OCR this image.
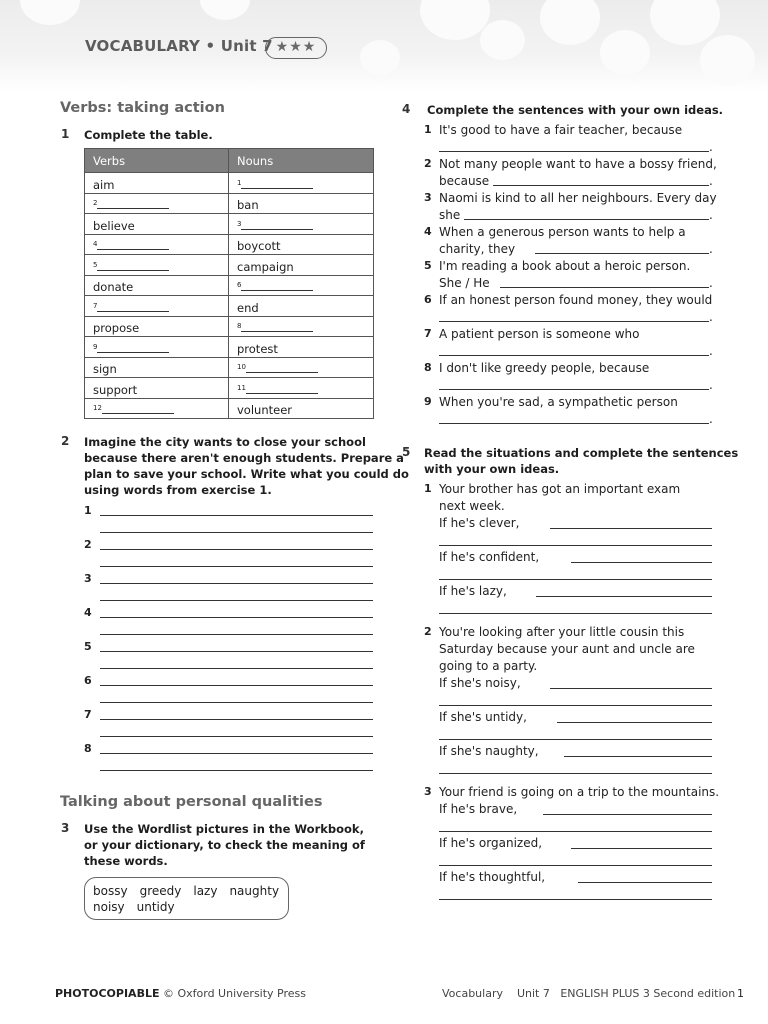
VOCABULARY • Unit 7 ★★★
Verbs: taking action
1 Complete the table.
Verbs	Nouns
aim	$^1$
$^2$	ban
believe	$^3$
$^4$	boycott
$^5$	campaign
donate	$^6$
$^7$	end
propose	$^8$
$^9$	protest
sign	$^{10}$
support	$^{11}$
$^{12}$	volunteer
2 Imagine the city wants to close your school
because there aren't enough students. Prepare a
plan to save your school. Write what you could do
using words from exercise 1.
1
2
3
4
5
6
7
8
Talking about personal qualities
3 Use the Wordlist pictures in the Workbook,
or your dictionary, to check the meaning of
these words.
bossy greedy lazy naughty
noisy untidy
4 Complete the sentences with your own ideas.
1 It's good to have a fair teacher, because
.
2 Not many people want to have a bossy friend,
because	.
3 Naomi is kind to all her neighbours. Every day
she	.
4 When a generous person wants to help a
charity, they	.
5 I'm reading a book about a heroic person.
She / He	.
6 If an honest person found money, they would
.
7 A patient person is someone who
.
8 I don't like greedy people, because
.
9 When you're sad, a sympathetic person
.
5 Read the situations and complete the sentences
with your own ideas.
1 Your brother has got an important exam
next week.
If he's clever,
If he's confident,
If he's lazy,
2 You're looking after your little cousin this
Saturday because your aunt and uncle are
going to a party.
If she's noisy,
If she's untidy,
If she's naughty,
3 Your friend is going on a trip to the mountains.
If he's brave,
If he's organized,
If he's thoughtful,
PHOTOCOPIABLE © Oxford University Press	Vocabulary    Unit 7   ENGLISH PLUS 3 Second edition 1
